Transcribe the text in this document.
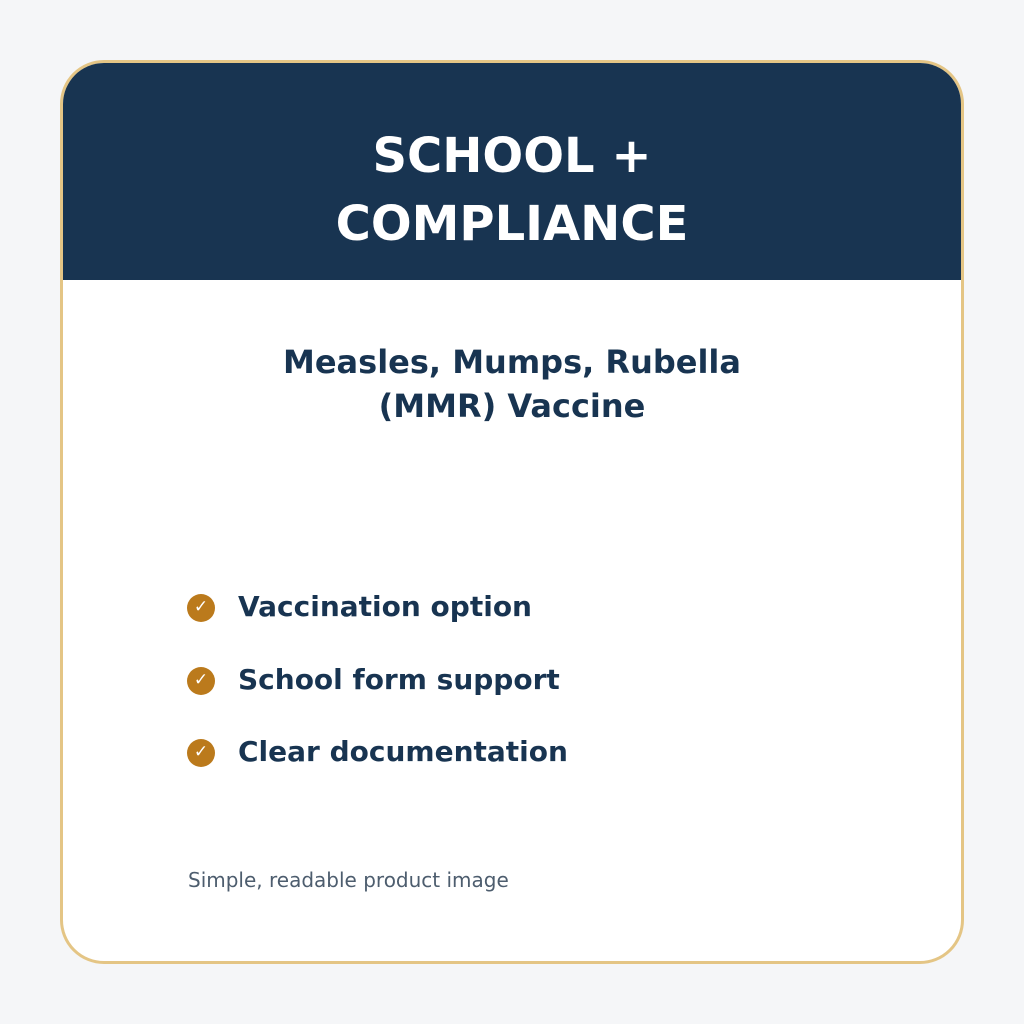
SCHOOL +
COMPLIANCE
Measles, Mumps, Rubella
(MMR) Vaccine
✓ Vaccination option
✓ School form support
✓ Clear documentation

Simple, readable product image
